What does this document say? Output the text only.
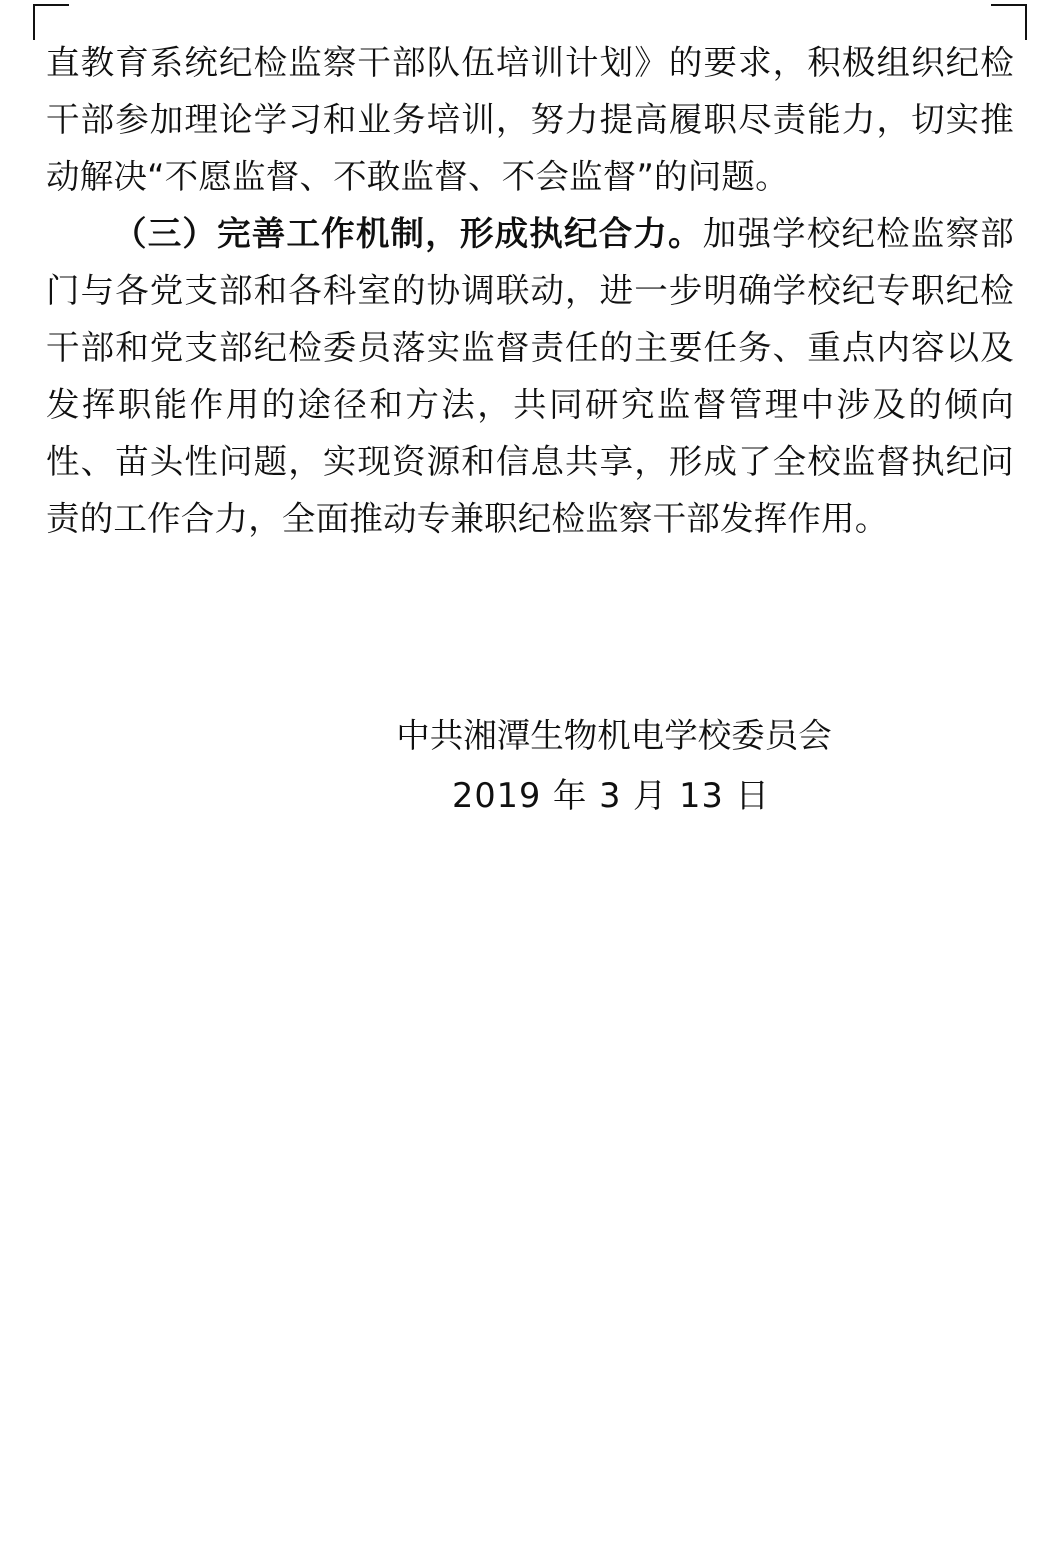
直教育系统纪检监察干部队伍培训计划》的要求，积极组织纪检干部参加理论学习和业务培训，努力提高履职尽责能力，切实推动解决“不愿监督、不敢监督、不会监督”的问题。

（三）完善工作机制，形成执纪合力。加强学校纪检监察部门与各党支部和各科室的协调联动，进一步明确学校纪专职纪检干部和党支部纪检委员落实监督责任的主要任务、重点内容以及发挥职能作用的途径和方法，共同研究监督管理中涉及的倾向性、苗头性问题，实现资源和信息共享，形成了全校监督执纪问责的工作合力，全面推动专兼职纪检监察干部发挥作用。

中共湘潭生物机电学校委员会
2019 年 3 月 13 日
